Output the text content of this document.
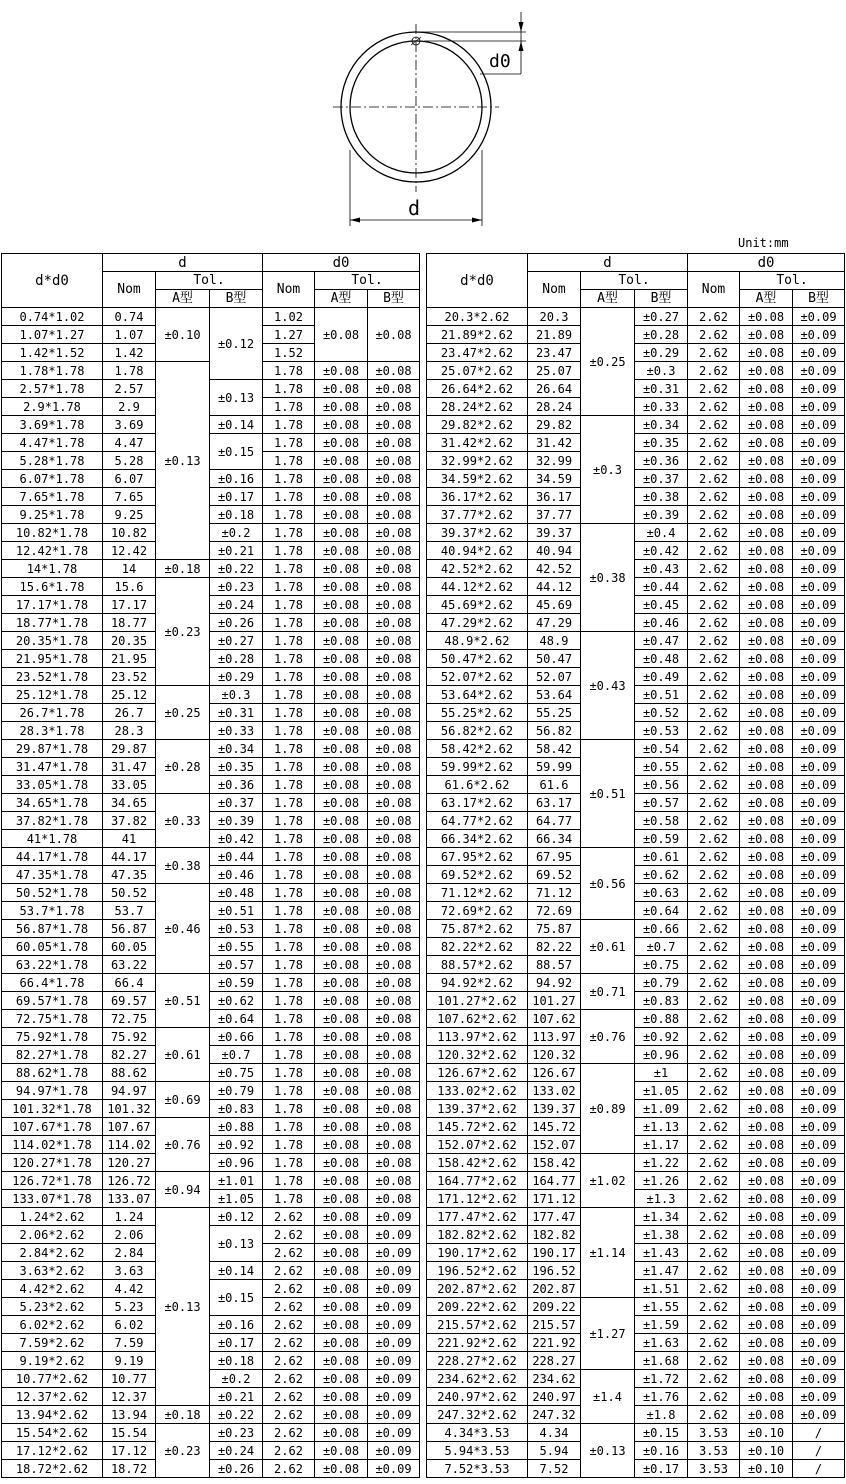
d0
d
Unit:mm
d*d0	d			d0		
	Nom	Tol.		Nom	Tol.	
		A型	B型		A型	B型
0.74*1.02	0.74	±0.10	±0.12	1.02	±0.08	±0.08
1.07*1.27	1.07			1.27		
1.42*1.52	1.42			1.52		
1.78*1.78	1.78	±0.13		1.78	±0.08	±0.08
2.57*1.78	2.57		±0.13	1.78	±0.08	±0.08
2.9*1.78	2.9			1.78	±0.08	±0.08
3.69*1.78	3.69		±0.14	1.78	±0.08	±0.08
4.47*1.78	4.47		±0.15	1.78	±0.08	±0.08
5.28*1.78	5.28			1.78	±0.08	±0.08
6.07*1.78	6.07		±0.16	1.78	±0.08	±0.08
7.65*1.78	7.65		±0.17	1.78	±0.08	±0.08
9.25*1.78	9.25		±0.18	1.78	±0.08	±0.08
10.82*1.78	10.82		±0.2	1.78	±0.08	±0.08
12.42*1.78	12.42		±0.21	1.78	±0.08	±0.08
14*1.78	14	±0.18	±0.22	1.78	±0.08	±0.08
15.6*1.78	15.6	±0.23	±0.23	1.78	±0.08	±0.08
17.17*1.78	17.17		±0.24	1.78	±0.08	±0.08
18.77*1.78	18.77		±0.26	1.78	±0.08	±0.08
20.35*1.78	20.35		±0.27	1.78	±0.08	±0.08
21.95*1.78	21.95		±0.28	1.78	±0.08	±0.08
23.52*1.78	23.52		±0.29	1.78	±0.08	±0.08
25.12*1.78	25.12	±0.25	±0.3	1.78	±0.08	±0.08
26.7*1.78	26.7		±0.31	1.78	±0.08	±0.08
28.3*1.78	28.3		±0.33	1.78	±0.08	±0.08
29.87*1.78	29.87	±0.28	±0.34	1.78	±0.08	±0.08
31.47*1.78	31.47		±0.35	1.78	±0.08	±0.08
33.05*1.78	33.05		±0.36	1.78	±0.08	±0.08
34.65*1.78	34.65	±0.33	±0.37	1.78	±0.08	±0.08
37.82*1.78	37.82		±0.39	1.78	±0.08	±0.08
41*1.78	41		±0.42	1.78	±0.08	±0.08
44.17*1.78	44.17	±0.38	±0.44	1.78	±0.08	±0.08
47.35*1.78	47.35		±0.46	1.78	±0.08	±0.08
50.52*1.78	50.52	±0.46	±0.48	1.78	±0.08	±0.08
53.7*1.78	53.7		±0.51	1.78	±0.08	±0.08
56.87*1.78	56.87		±0.53	1.78	±0.08	±0.08
60.05*1.78	60.05		±0.55	1.78	±0.08	±0.08
63.22*1.78	63.22		±0.57	1.78	±0.08	±0.08
66.4*1.78	66.4	±0.51	±0.59	1.78	±0.08	±0.08
69.57*1.78	69.57		±0.62	1.78	±0.08	±0.08
72.75*1.78	72.75		±0.64	1.78	±0.08	±0.08
75.92*1.78	75.92	±0.61	±0.66	1.78	±0.08	±0.08
82.27*1.78	82.27		±0.7	1.78	±0.08	±0.08
88.62*1.78	88.62		±0.75	1.78	±0.08	±0.08
94.97*1.78	94.97	±0.69	±0.79	1.78	±0.08	±0.08
101.32*1.78	101.32		±0.83	1.78	±0.08	±0.08
107.67*1.78	107.67	±0.76	±0.88	1.78	±0.08	±0.08
114.02*1.78	114.02		±0.92	1.78	±0.08	±0.08
120.27*1.78	120.27		±0.96	1.78	±0.08	±0.08
126.72*1.78	126.72	±0.94	±1.01	1.78	±0.08	±0.08
133.07*1.78	133.07		±1.05	1.78	±0.08	±0.08
1.24*2.62	1.24	±0.13	±0.12	2.62	±0.08	±0.09
2.06*2.62	2.06		±0.13	2.62	±0.08	±0.09
2.84*2.62	2.84			2.62	±0.08	±0.09
3.63*2.62	3.63		±0.14	2.62	±0.08	±0.09
4.42*2.62	4.42		±0.15	2.62	±0.08	±0.09
5.23*2.62	5.23			2.62	±0.08	±0.09
6.02*2.62	6.02		±0.16	2.62	±0.08	±0.09
7.59*2.62	7.59		±0.17	2.62	±0.08	±0.09
9.19*2.62	9.19		±0.18	2.62	±0.08	±0.09
10.77*2.62	10.77		±0.2	2.62	±0.08	±0.09
12.37*2.62	12.37		±0.21	2.62	±0.08	±0.09
13.94*2.62	13.94	±0.18	±0.22	2.62	±0.08	±0.09
15.54*2.62	15.54	±0.23	±0.23	2.62	±0.08	±0.09
17.12*2.62	17.12		±0.24	2.62	±0.08	±0.09
18.72*2.62	18.72		±0.26	2.62	±0.08	±0.09
d*d0	d			d0		
	Nom	Tol.		Nom	Tol.	
		A型	B型		A型	B型
20.3*2.62	20.3	±0.25	±0.27	2.62	±0.08	±0.09
21.89*2.62	21.89		±0.28	2.62	±0.08	±0.09
23.47*2.62	23.47		±0.29	2.62	±0.08	±0.09
25.07*2.62	25.07		±0.3	2.62	±0.08	±0.09
26.64*2.62	26.64		±0.31	2.62	±0.08	±0.09
28.24*2.62	28.24		±0.33	2.62	±0.08	±0.09
29.82*2.62	29.82	±0.3	±0.34	2.62	±0.08	±0.09
31.42*2.62	31.42		±0.35	2.62	±0.08	±0.09
32.99*2.62	32.99		±0.36	2.62	±0.08	±0.09
34.59*2.62	34.59		±0.37	2.62	±0.08	±0.09
36.17*2.62	36.17		±0.38	2.62	±0.08	±0.09
37.77*2.62	37.77		±0.39	2.62	±0.08	±0.09
39.37*2.62	39.37	±0.38	±0.4	2.62	±0.08	±0.09
40.94*2.62	40.94		±0.42	2.62	±0.08	±0.09
42.52*2.62	42.52		±0.43	2.62	±0.08	±0.09
44.12*2.62	44.12		±0.44	2.62	±0.08	±0.09
45.69*2.62	45.69		±0.45	2.62	±0.08	±0.09
47.29*2.62	47.29		±0.46	2.62	±0.08	±0.09
48.9*2.62	48.9	±0.43	±0.47	2.62	±0.08	±0.09
50.47*2.62	50.47		±0.48	2.62	±0.08	±0.09
52.07*2.62	52.07		±0.49	2.62	±0.08	±0.09
53.64*2.62	53.64		±0.51	2.62	±0.08	±0.09
55.25*2.62	55.25		±0.52	2.62	±0.08	±0.09
56.82*2.62	56.82		±0.53	2.62	±0.08	±0.09
58.42*2.62	58.42	±0.51	±0.54	2.62	±0.08	±0.09
59.99*2.62	59.99		±0.55	2.62	±0.08	±0.09
61.6*2.62	61.6		±0.56	2.62	±0.08	±0.09
63.17*2.62	63.17		±0.57	2.62	±0.08	±0.09
64.77*2.62	64.77		±0.58	2.62	±0.08	±0.09
66.34*2.62	66.34		±0.59	2.62	±0.08	±0.09
67.95*2.62	67.95	±0.56	±0.61	2.62	±0.08	±0.09
69.52*2.62	69.52		±0.62	2.62	±0.08	±0.09
71.12*2.62	71.12		±0.63	2.62	±0.08	±0.09
72.69*2.62	72.69		±0.64	2.62	±0.08	±0.09
75.87*2.62	75.87	±0.61	±0.66	2.62	±0.08	±0.09
82.22*2.62	82.22		±0.7	2.62	±0.08	±0.09
88.57*2.62	88.57		±0.75	2.62	±0.08	±0.09
94.92*2.62	94.92	±0.71	±0.79	2.62	±0.08	±0.09
101.27*2.62	101.27		±0.83	2.62	±0.08	±0.09
107.62*2.62	107.62	±0.76	±0.88	2.62	±0.08	±0.09
113.97*2.62	113.97		±0.92	2.62	±0.08	±0.09
120.32*2.62	120.32		±0.96	2.62	±0.08	±0.09
126.67*2.62	126.67	±0.89	±1	2.62	±0.08	±0.09
133.02*2.62	133.02		±1.05	2.62	±0.08	±0.09
139.37*2.62	139.37		±1.09	2.62	±0.08	±0.09
145.72*2.62	145.72		±1.13	2.62	±0.08	±0.09
152.07*2.62	152.07		±1.17	2.62	±0.08	±0.09
158.42*2.62	158.42	±1.02	±1.22	2.62	±0.08	±0.09
164.77*2.62	164.77		±1.26	2.62	±0.08	±0.09
171.12*2.62	171.12		±1.3	2.62	±0.08	±0.09
177.47*2.62	177.47	±1.14	±1.34	2.62	±0.08	±0.09
182.82*2.62	182.82		±1.38	2.62	±0.08	±0.09
190.17*2.62	190.17		±1.43	2.62	±0.08	±0.09
196.52*2.62	196.52		±1.47	2.62	±0.08	±0.09
202.87*2.62	202.87		±1.51	2.62	±0.08	±0.09
209.22*2.62	209.22	±1.27	±1.55	2.62	±0.08	±0.09
215.57*2.62	215.57		±1.59	2.62	±0.08	±0.09
221.92*2.62	221.92		±1.63	2.62	±0.08	±0.09
228.27*2.62	228.27		±1.68	2.62	±0.08	±0.09
234.62*2.62	234.62	±1.4	±1.72	2.62	±0.08	±0.09
240.97*2.62	240.97		±1.76	2.62	±0.08	±0.09
247.32*2.62	247.32		±1.8	2.62	±0.08	±0.09
4.34*3.53	4.34	±0.13	±0.15	3.53	±0.10	/
5.94*3.53	5.94		±0.16	3.53	±0.10	/
7.52*3.53	7.52		±0.17	3.53	±0.10	/
